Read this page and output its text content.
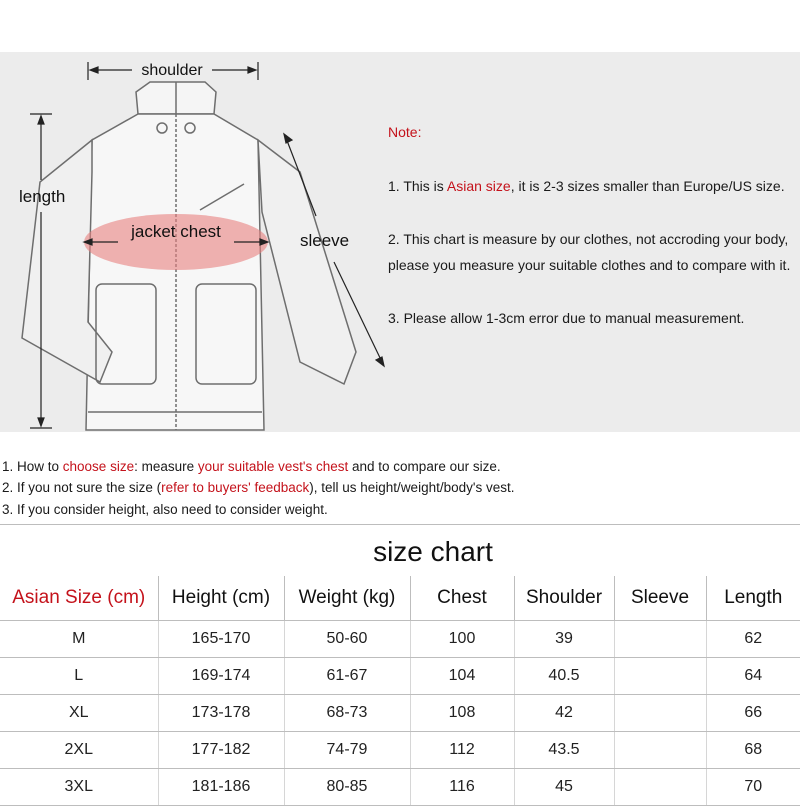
shoulder
length
jacket chest	sleeve
Note:
1. This is Asian size, it is 2-3 sizes smaller than Europe/US size.
2. This chart is measure by our clothes, not accroding your body,
please you measure your suitable clothes and to compare with it.
3. Please allow 1-3cm error due to manual measurement.
1. How to choose size: measure your suitable vest's chest and to compare our size.
2. If you not sure the size (refer to buyers' feedback), tell us height/weight/body's vest.
3. If you consider height, also need to consider weight.
size chart
Asian Size (cm)	Height (cm)	Weight (kg)	Chest	Shoulder	Sleeve	Length
M	165-170	50-60	100	39		62
L	169-174	61-67	104	40.5		64
XL	173-178	68-73	108	42		66
2XL	177-182	74-79	112	43.5		68
3XL	181-186	80-85	116	45		70
